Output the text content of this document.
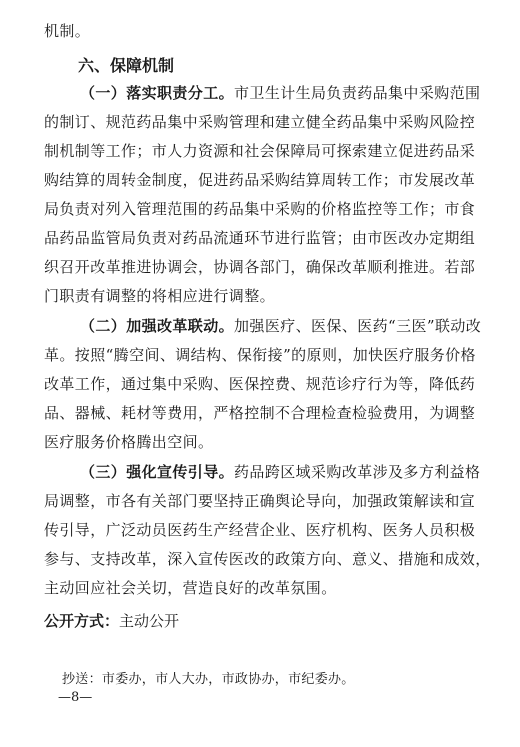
机制。
六、保障机制
（一）落实职责分工。市卫生计生局负责药品集中采购范围
的制订、规范药品集中采购管理和建立健全药品集中采购风险控
制机制等工作；市人力资源和社会保障局可探索建立促进药品采
购结算的周转金制度，促进药品采购结算周转工作；市发展改革
局负责对列入管理范围的药品集中采购的价格监控等工作；市食
品药品监管局负责对药品流通环节进行监管；由市医改办定期组
织召开改革推进协调会，协调各部门，确保改革顺利推进。若部
门职责有调整的将相应进行调整。
（二）加强改革联动。加强医疗、医保、医药“三医”联动改
革。按照“腾空间、调结构、保衔接”的原则，加快医疗服务价格
改革工作，通过集中采购、医保控费、规范诊疗行为等，降低药
品、器械、耗材等费用，严格控制不合理检查检验费用，为调整
医疗服务价格腾出空间。
（三）强化宣传引导。药品跨区域采购改革涉及多方利益格
局调整，市各有关部门要坚持正确舆论导向，加强政策解读和宣
传引导，广泛动员医药生产经营企业、医疗机构、医务人员积极
参与、支持改革，深入宣传医改的政策方向、意义、措施和成效，
主动回应社会关切，营造良好的改革氛围。
公开方式：主动公开
抄送：市委办，市人大办，市政协办，市纪委办。
—8—
